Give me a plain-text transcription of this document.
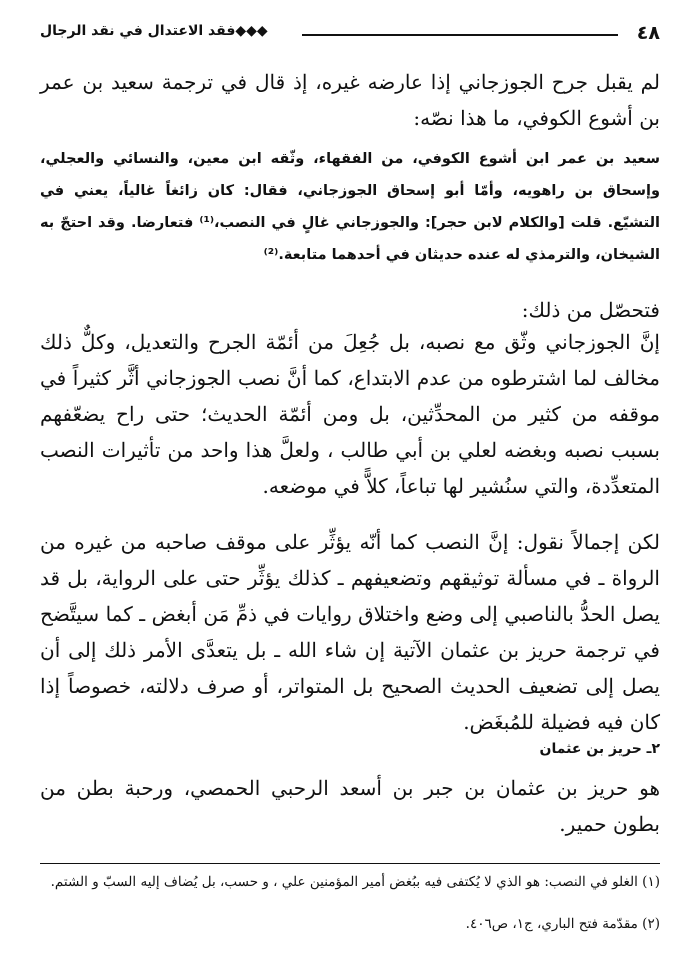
٤٨
◆◆◆فقد الاعتدال في نقد الرجال

لم يقبل جرح الجوزجاني إذا عارضه غيره، إذ قال في ترجمة سعيد بن عمر بن أشوع الكوفي، ما هذا نصّه:

سعيد بن عمر ابن أشوع الكوفي، من الفقهاء، وثّقه ابن معين، والنسائي والعجلي، وإسحاق بن راهويه، وأمّا أبو إسحاق الجوزجاني، فقال: كان زائغاً غالياً، يعني في التشيّع. قلت [والكلام لابن حجر]: والجوزجاني غالٍ في النصب،⁽¹⁾ فتعارضا. وقد احتجّ به الشيخان، والترمذي له عنده حديثان في أحدهما متابعة.⁽²⁾

فتحصّل من ذلك:

إنَّ الجوزجاني وثّق مع نصبه، بل جُعِلَ من أئمّة الجرح والتعديل، وكلٌّ ذلك مخالف لما اشترطوه من عدم الابتداع، كما أنَّ نصب الجوزجاني أثَّر كثيراً في موقفه من كثير من المحدِّثين، بل ومن أئمّة الحديث؛ حتى راح يضعّفهم بسبب نصبه وبغضه لعلي بن أبي طالب ، ولعلَّ هذا واحد من تأثيرات النصب المتعدِّدة، والتي سنُشير لها تباعاً، كلاًّ في موضعه.

لكن إجمالاً نقول: إنَّ النصب كما أنّه يؤثِّر على موقف صاحبه من غيره من الرواة ـ في مسألة توثيقهم وتضعيفهم ـ كذلك يؤثِّر حتى على الرواية، بل قد يصل الحدُّ بالناصبي إلى وضع واختلاق روايات في ذمِّ مَن أبغض ـ كما سيتَّضح في ترجمة حريز بن عثمان الآتية إن شاء الله ـ بل يتعدَّى الأمر ذلك إلى أن يصل إلى تضعيف الحديث الصحيح بل المتواتر، أو صرف دلالته، خصوصاً إذا كان فيه فضيلة للمُبغَض.

٢ـ حريز بن عثمان

هو حريز بن عثمان بن جبر بن أسعد الرحبي الحمصي، ورحبة بطن من بطون حمير.

(١) الغلو في النصب: هو الذي لا يُكتفى فيه ببُغض أمير المؤمنين علي ، و حسب، بل يُضاف إليه السبّ و الشتم.

(٢) مقدّمة فتح الباري، ج١، ص٤٠٦.
